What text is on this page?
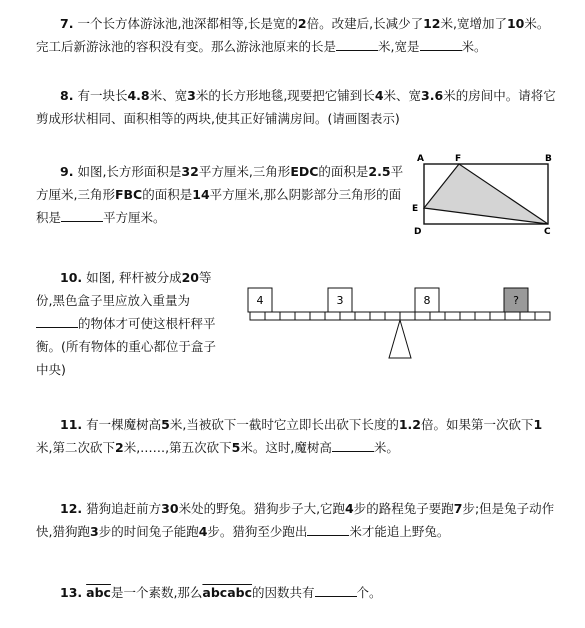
7. 一个长方体游泳池,池深都相等,长是宽的2倍。改建后,长减少了12米,宽增加了10米。完工后新游泳池的容积没有变。那么游泳池原来的长是	米,宽是	米。
8. 有一块长4.8米、宽3米的长方形地毯,现要把它铺到长4米、宽3.6米的房间中。请将它剪成形状相同、面积相等的两块,使其正好铺满房间。(请画图表示)
9. 如图,长方形面积是32平方厘米,三角形EDC的面积是2.5平方厘米,三角形FBC的面积是14平方厘米,那么阴影部分三角形的面积是	平方厘米。
A	F	B
E
D	C
10. 如图, 秤杆被分成20等份,黑色盒子里应放入重量为的物体才可使这根杆秤平衡。(所有物体的重心都位于盒子中央)
4	3	8	?
11. 有一棵魔树高5米,当被砍下一截时它立即长出砍下长度的1.2倍。如果第一次砍下1米,第二次砍下2米,……,第五次砍下5米。这时,魔树高	米。
12. 猎狗追赶前方30米处的野兔。猎狗步子大,它跑4步的路程兔子要跑7步;但是兔子动作快,猎狗跑3步的时间兔子能跑4步。猎狗至少跑出	米才能追上野兔。
13. $\overline{abc}$是一个素数,那么abcabc的因数共有	个。
